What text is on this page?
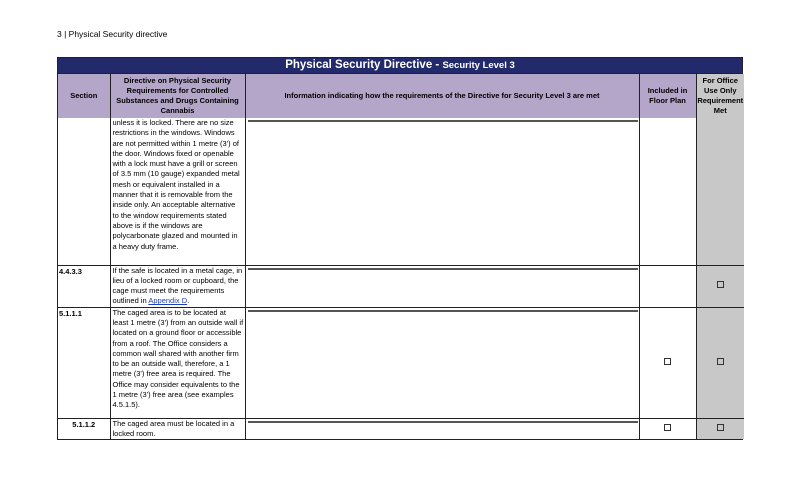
3 | Physical Security directive
Physical Security Directive - Security Level 3
Section	Directive on Physical Security Requirements for Controlled Substances and Drugs Containing Cannabis	Information indicating how the requirements of the Directive for Security Level 3 are met	Included in Floor Plan	For Office Use Only Requirement Met
	unless it is locked. There are no size restrictions in the windows. Windows are not permitted within 1 metre (3') of the door. Windows fixed or openable with a lock must have a grill or screen of 3.5 mm (10 gauge) expanded metal mesh or equivalent installed in a manner that it is removable from the inside only. An acceptable alternative to the window requirements stated above is if the windows are polycarbonate glazed and mounted in a heavy duty frame.	

4.4.3.3	If the safe is located in a metal cage, in lieu of a locked room or cupboard, the cage must meet the requirements outlined in Appendix D.	

5.1.1.1	The caged area is to be located at least 1 metre (3') from an outside wall if located on a ground floor or accessible from a roof. The Office considers a common wall shared with another firm to be an outside wall, therefore, a 1 metre (3') free area is required. The Office may consider equivalents to the 1 metre (3') free area (see examples 4.5.1.5).	

5.1.1.2	The caged area must be located in a locked room.	
